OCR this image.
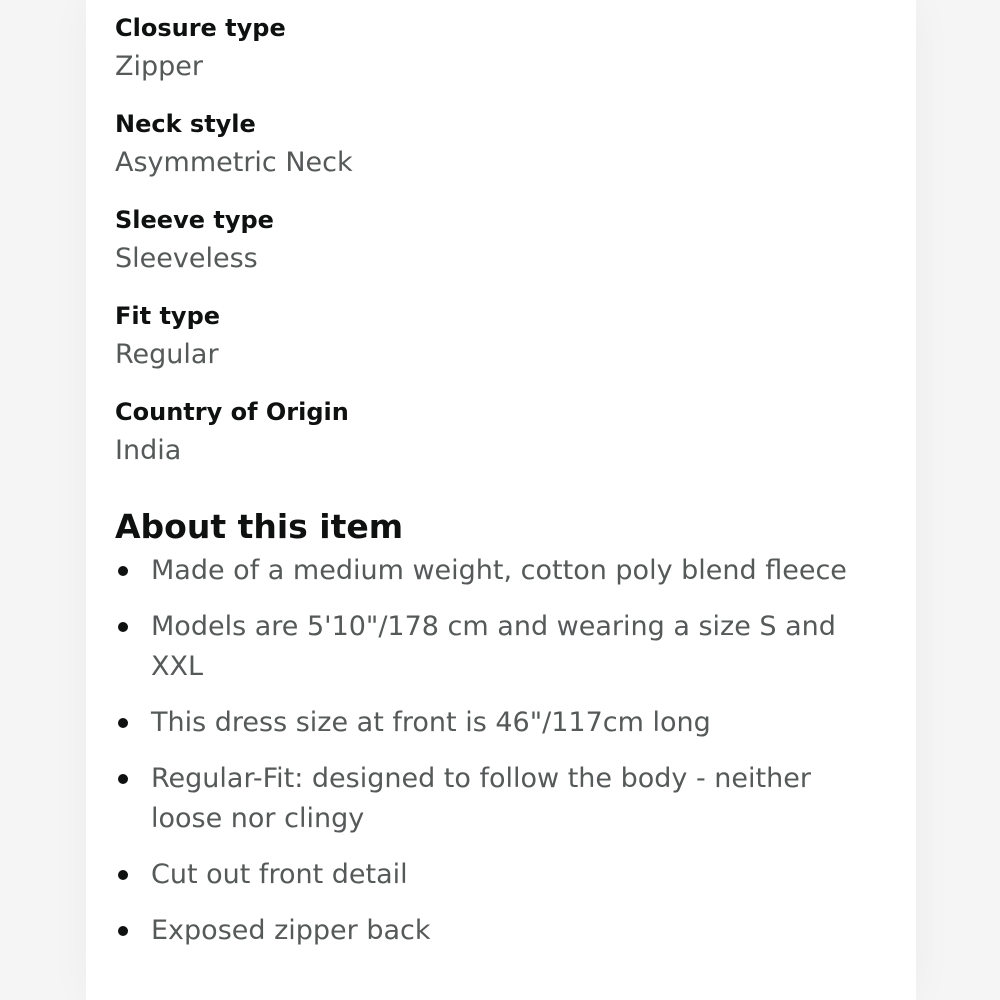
Closure type
Zipper
Neck style
Asymmetric Neck
Sleeve type
Sleeveless
Fit type
Regular
Country of Origin
India
About this item
Made of a medium weight, cotton poly blend fleece
Models are 5'10"/178 cm and wearing a size S and XXL
This dress size at front is 46"/117cm long
Regular-Fit: designed to follow the body - neither loose nor clingy
Cut out front detail
Exposed zipper back
